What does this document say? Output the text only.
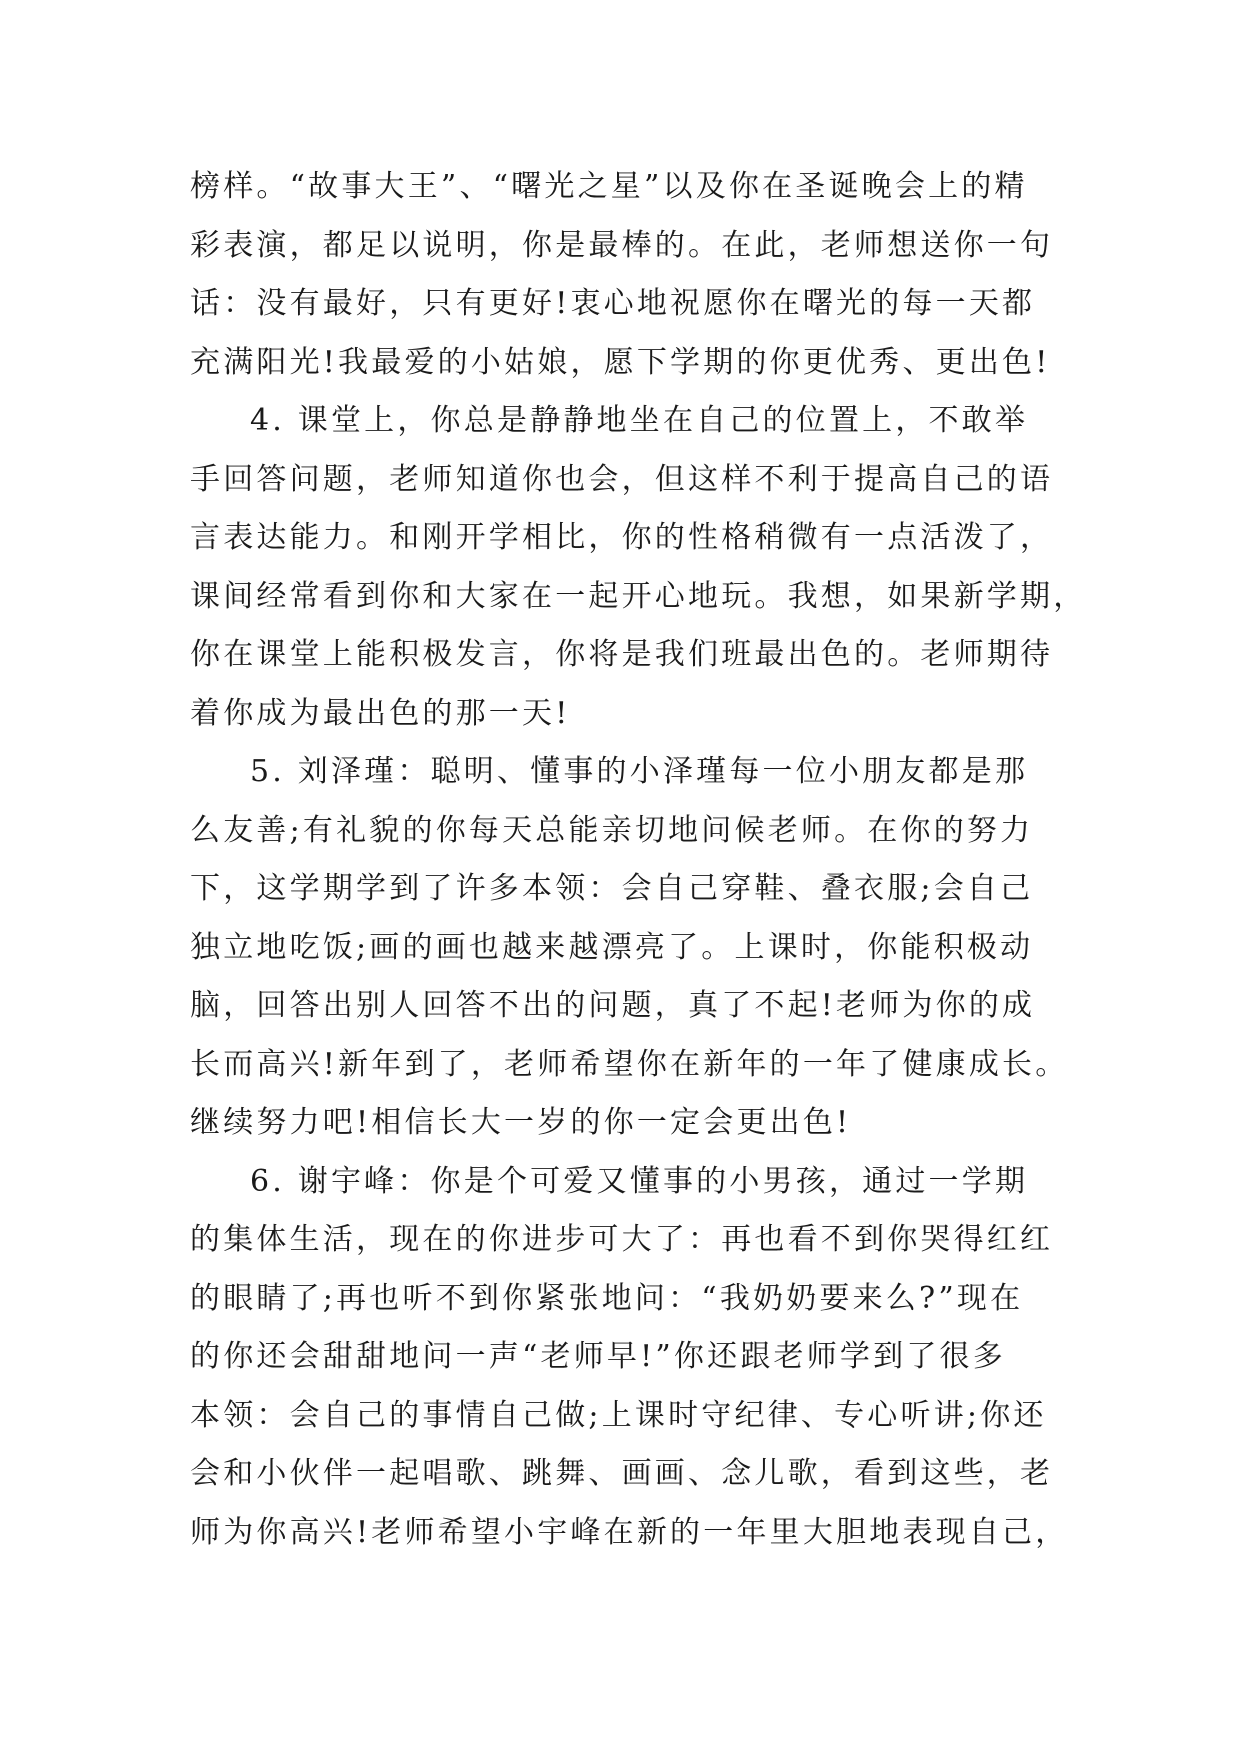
榜样。“故事大王”、“曙光之星”以及你在圣诞晚会上的精
彩表演，都足以说明，你是最棒的。在此，老师想送你一句
话：没有最好，只有更好!衷心地祝愿你在曙光的每一天都
充满阳光!我最爱的小姑娘，愿下学期的你更优秀、更出色!
4. 课堂上，你总是静静地坐在自己的位置上，不敢举
手回答问题，老师知道你也会，但这样不利于提高自己的语
言表达能力。和刚开学相比，你的性格稍微有一点活泼了，
课间经常看到你和大家在一起开心地玩。我想，如果新学期，
你在课堂上能积极发言，你将是我们班最出色的。老师期待
着你成为最出色的那一天!
5. 刘泽瑾：聪明、懂事的小泽瑾每一位小朋友都是那
么友善;有礼貌的你每天总能亲切地问候老师。在你的努力
下，这学期学到了许多本领：会自己穿鞋、叠衣服;会自己
独立地吃饭;画的画也越来越漂亮了。上课时，你能积极动
脑，回答出别人回答不出的问题，真了不起!老师为你的成
长而高兴!新年到了，老师希望你在新年的一年了健康成长。
继续努力吧!相信长大一岁的你一定会更出色!
6. 谢宇峰：你是个可爱又懂事的小男孩，通过一学期
的集体生活，现在的你进步可大了：再也看不到你哭得红红
的眼睛了;再也听不到你紧张地问：“我奶奶要来么?”现在
的你还会甜甜地问一声“老师早!”你还跟老师学到了很多
本领：会自己的事情自己做;上课时守纪律、专心听讲;你还
会和小伙伴一起唱歌、跳舞、画画、念儿歌，看到这些，老
师为你高兴!老师希望小宇峰在新的一年里大胆地表现自己，
